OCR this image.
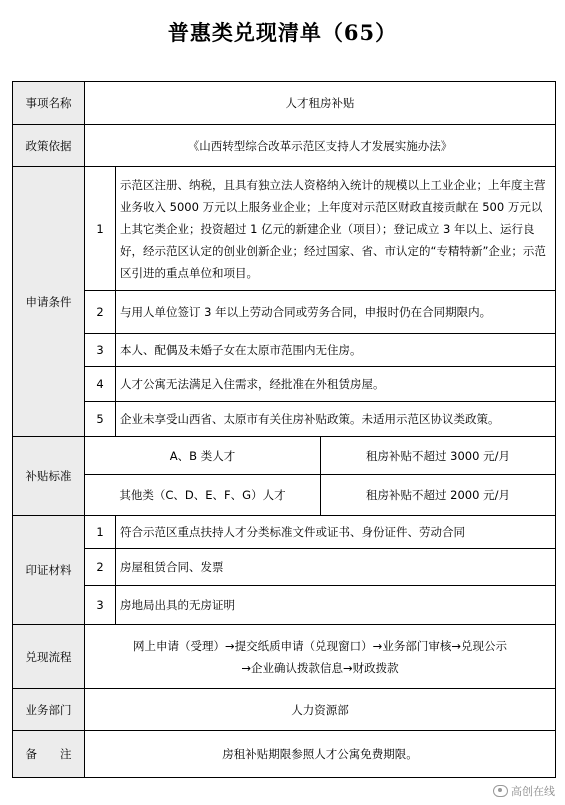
普惠类兑现清单（65）
事项名称	人才租房补贴		
政策依据	《山西转型综合改革示范区支持人才发展实施办法》		
申请条件	1	示范区注册、纳税，且具有独立法人资格纳入统计的规模以上工业企业；上年度主营业务收入 5000 万元以上服务业企业；上年度对示范区财政直接贡献在 500 万元以上其它类企业；投资超过 1 亿元的新建企业（项目）；登记成立 3 年以上、运行良好，经示范区认定的创业创新企业；经过国家、省、市认定的“专精特新”企业；示范区引进的重点单位和项目。	
	2	与用人单位签订 3 年以上劳动合同或劳务合同，申报时仍在合同期限内。	
	3	本人、配偶及未婚子女在太原市范围内无住房。	
	4	人才公寓无法满足入住需求，经批准在外租赁房屋。	
	5	企业未享受山西省、太原市有关住房补贴政策。未适用示范区协议类政策。	
补贴标准	A、B 类人才		租房补贴不超过 3000 元/月
	其他类（C、D、E、F、G）人才		租房补贴不超过 2000 元/月
印证材料	1	符合示范区重点扶持人才分类标准文件或证书、身份证件、劳动合同	
	2	房屋租赁合同、发票	
	3	房地局出具的无房证明	
兑现流程	网上申请（受理）→提交纸质申请（兑现窗口）→业务部门审核→兑现公示
→企业确认拨款信息→财政拨款		

业务部门	人力资源部		
备　　注	房租补贴期限参照人才公寓免费期限。		
高创在线
